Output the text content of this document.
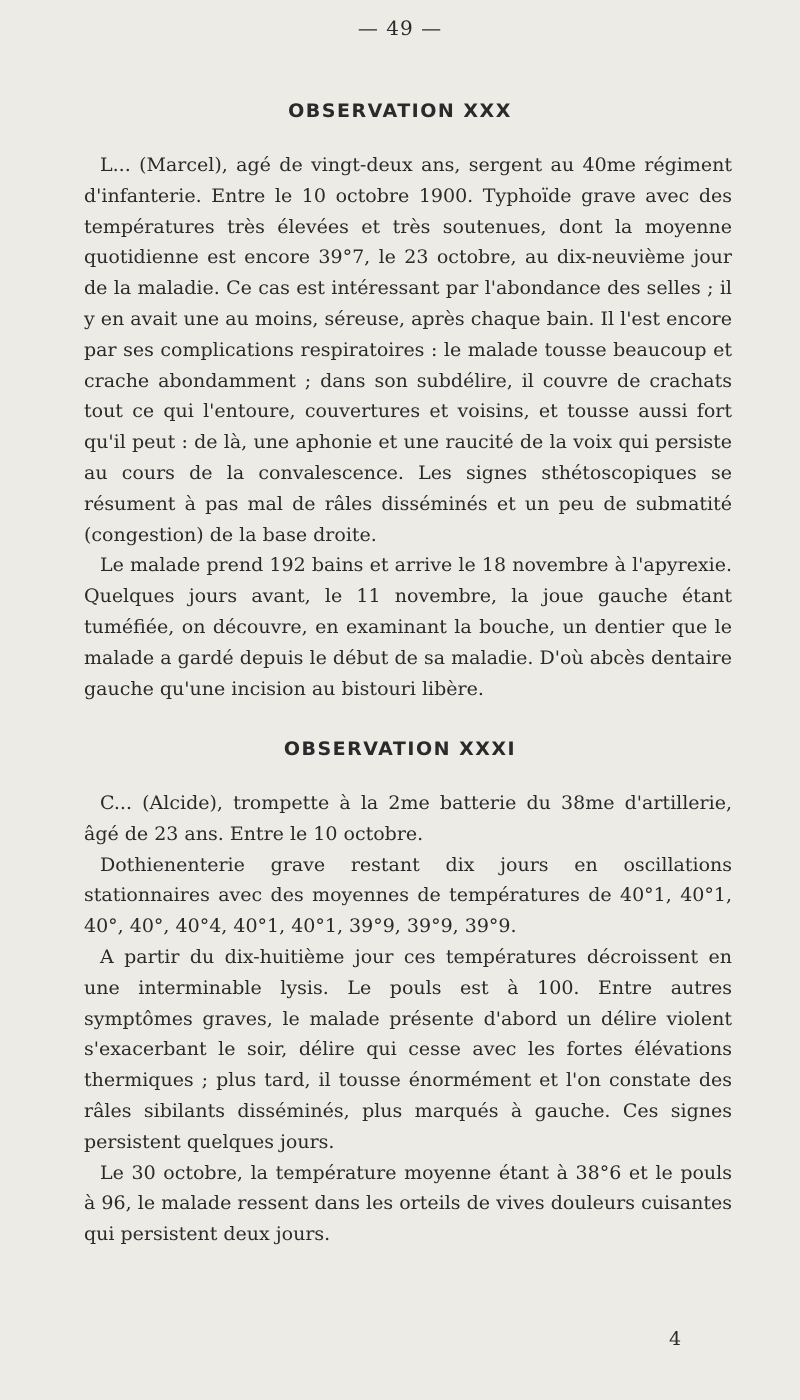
— 49 —
OBSERVATION XXX

L... (Marcel), agé de vingt-deux ans, sergent au 40me régiment d'infanterie. Entre le 10 octobre 1900. Typhoïde grave avec des températures très élevées et très soutenues, dont la moyenne quotidienne est encore 39°7, le 23 octobre, au dix-neuvième jour de la maladie. Ce cas est intéressant par l'abondance des selles ; il y en avait une au moins, séreuse, après chaque bain. Il l'est encore par ses complications respiratoires : le malade tousse beaucoup et crache abondamment ; dans son subdélire, il couvre de crachats tout ce qui l'entoure, couvertures et voisins, et tousse aussi fort qu'il peut : de là, une aphonie et une raucité de la voix qui persiste au cours de la convalescence. Les signes sthétoscopiques se résument à pas mal de râles disséminés et un peu de submatité (congestion) de la base droite.

Le malade prend 192 bains et arrive le 18 novembre à l'apyrexie. Quelques jours avant, le 11 novembre, la joue gauche étant tuméfiée, on découvre, en examinant la bouche, un dentier que le malade a gardé depuis le début de sa maladie. D'où abcès dentaire gauche qu'une incision au bistouri libère.

OBSERVATION XXXI

C... (Alcide), trompette à la 2me batterie du 38me d'artillerie, âgé de 23 ans. Entre le 10 octobre.

Dothienenterie grave restant dix jours en oscillations stationnaires avec des moyennes de températures de 40°1, 40°1, 40°, 40°, 40°4, 40°1, 40°1, 39°9, 39°9, 39°9.

A partir du dix-huitième jour ces températures décroissent en une interminable lysis. Le pouls est à 100. Entre autres symptômes graves, le malade présente d'abord un délire violent s'exacerbant le soir, délire qui cesse avec les fortes élévations thermiques ; plus tard, il tousse énormément et l'on constate des râles sibilants disséminés, plus marqués à gauche. Ces signes persistent quelques jours.

Le 30 octobre, la température moyenne étant à 38°6 et le pouls à 96, le malade ressent dans les orteils de vives douleurs cuisantes qui persistent deux jours.

4
